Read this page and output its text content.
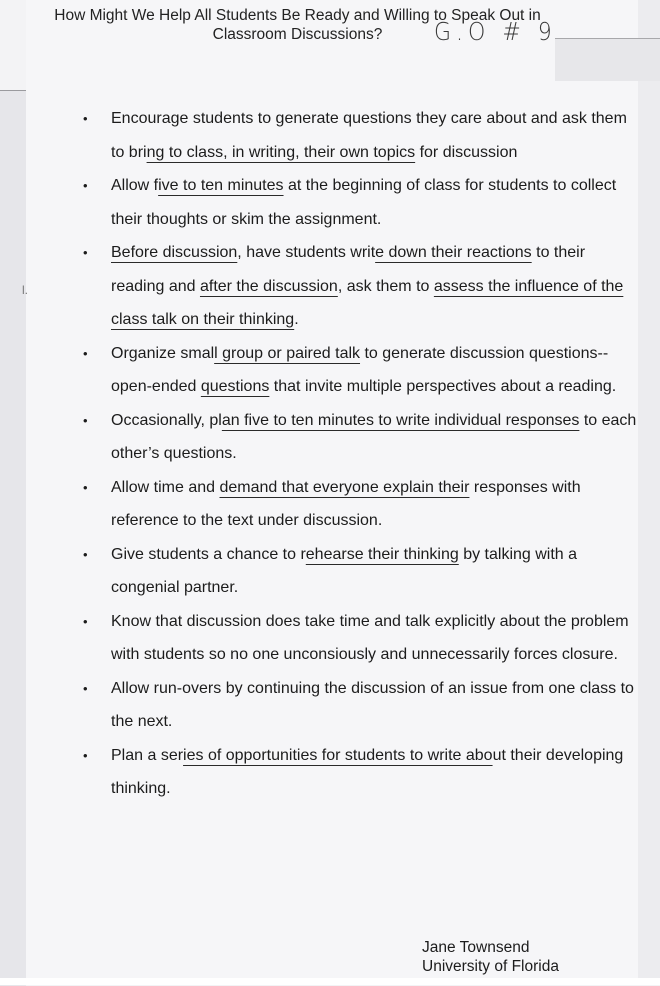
How Might We Help All Students Be Ready and Willing to Speak Out in
Classroom Discussions?	G.O # 9
l.
• Encourage students to generate questions they care about and ask them to bring to class, in writing, their own topics for discussion
• Allow five to ten minutes at the beginning of class for students to collect their thoughts or skim the assignment.
• Before discussion, have students write down their reactions to their reading and after the discussion, ask them to assess the influence of the class talk on their thinking.
• Organize small group or paired talk to generate discussion questions-- open-ended questions that invite multiple perspectives about a reading.
• Occasionally, plan five to ten minutes to write individual responses to each other’s questions.
• Allow time and demand that everyone explain their responses with reference to the text under discussion.
• Give students a chance to rehearse their thinking by talking with a congenial partner.
• Know that discussion does take time and talk explicitly about the problem with students so no one unconsiously and unnecessarily forces closure.
• Allow run-overs by continuing the discussion of an issue from one class to the next.
• Plan a series of opportunities for students to write about their developing thinking.
Jane Townsend
University of Florida
